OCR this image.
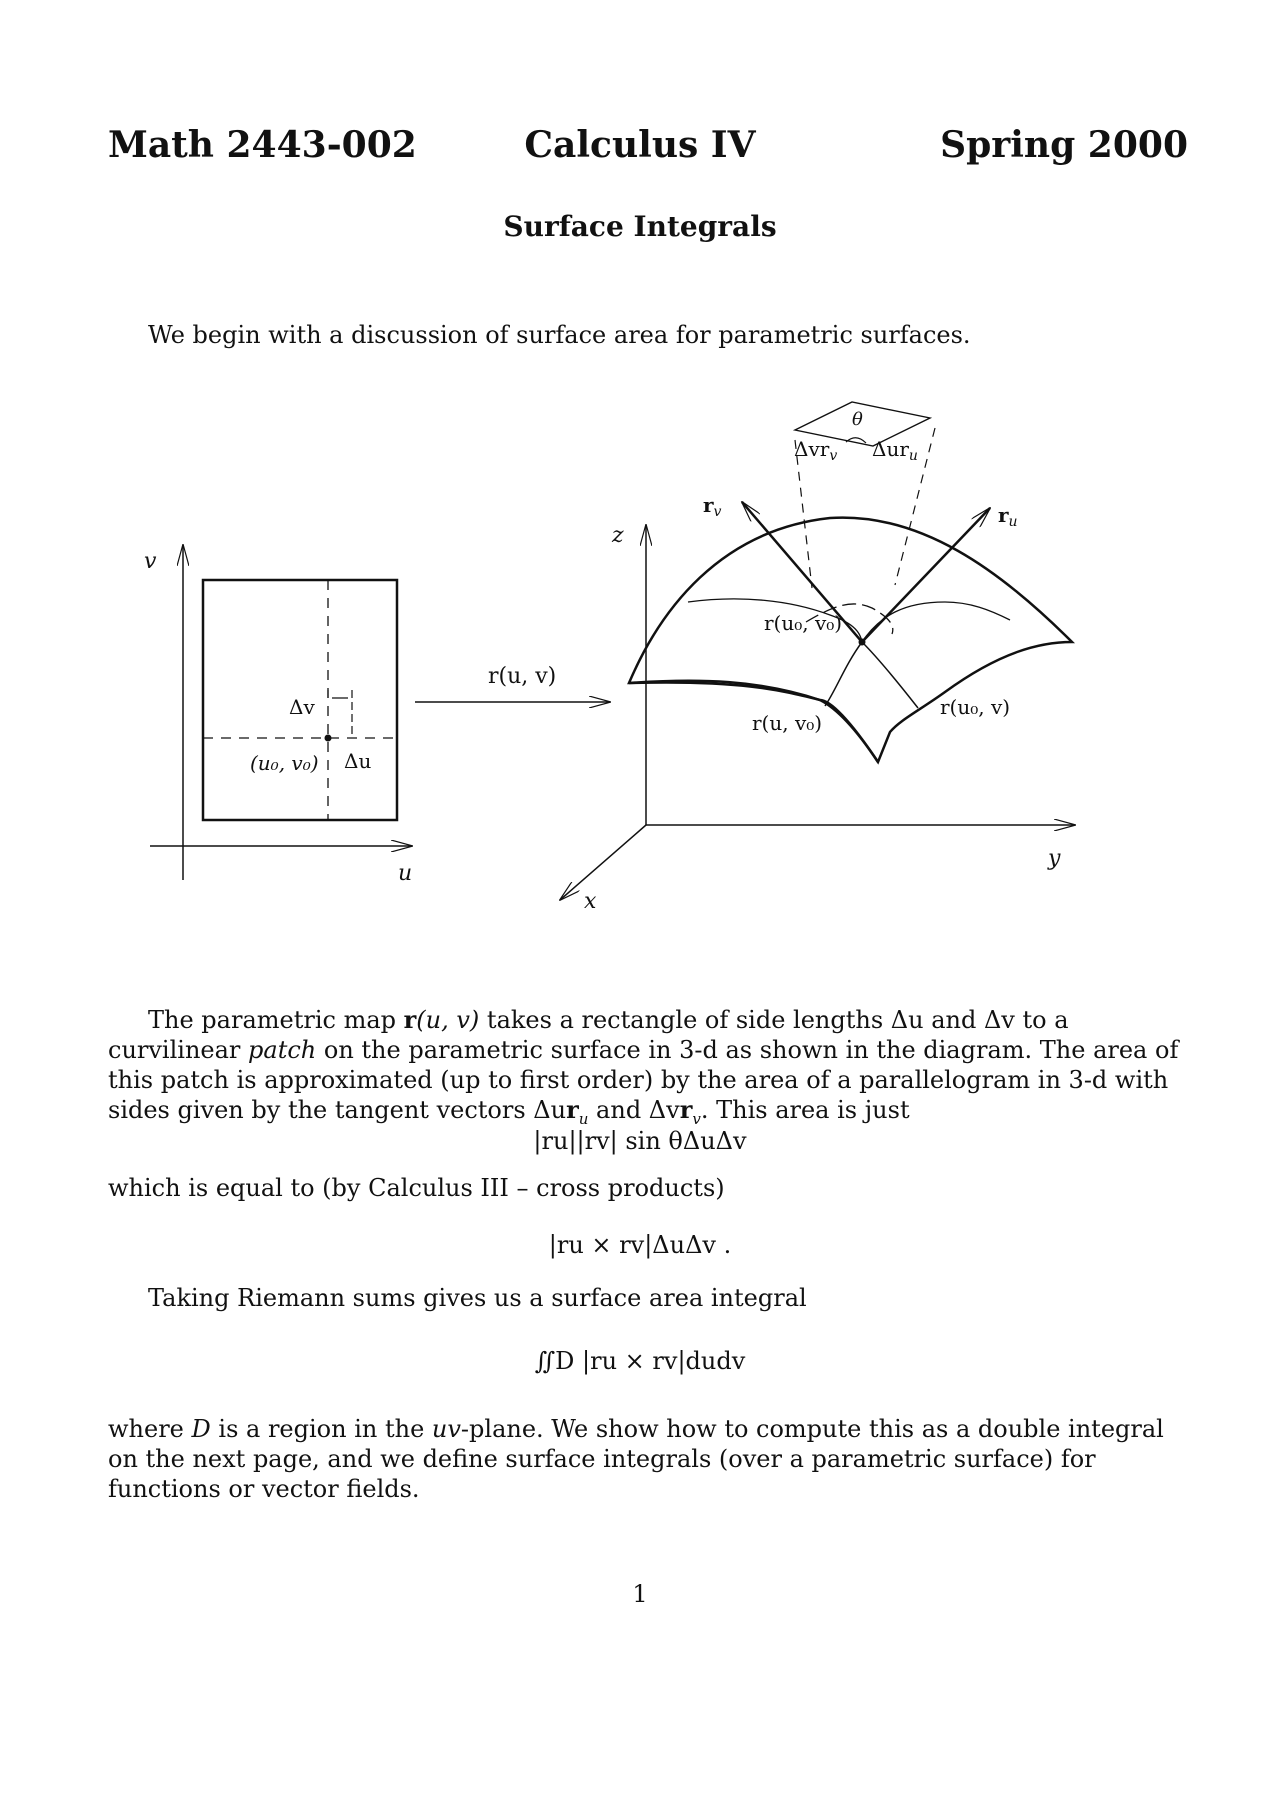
Math 2443-002	Calculus IV	Spring 2000
Surface Integrals
We begin with a discussion of surface area for parametric surfaces.
v
u
Δv
Δu
(u₀, v₀)
r(u, v)
z
y
x
$r_v$	$r_u$
θ
Δvr$_v$ Δur$_u$
r(u₀, v₀)
r(u, v₀)
r(u₀, v)
The parametric map r(u, v) takes a rectangle of side lengths Δu and Δv to a curvilinear patch on the parametric surface in 3-d as shown in the diagram. The area of this patch is approximated (up to first order) by the area of a parallelogram in 3-d with sides given by the tangent vectors Δur$_u$ and Δvr$_v$. This area is just
|ru||rv| sin θΔuΔv
which is equal to (by Calculus III – cross products)
|ru × rv|ΔuΔv .
Taking Riemann sums gives us a surface area integral
∬D |ru × rv|dudv
where D is a region in the uv-plane. We show how to compute this as a double integral on the next page, and we define surface integrals (over a parametric surface) for functions or vector fields.
1
